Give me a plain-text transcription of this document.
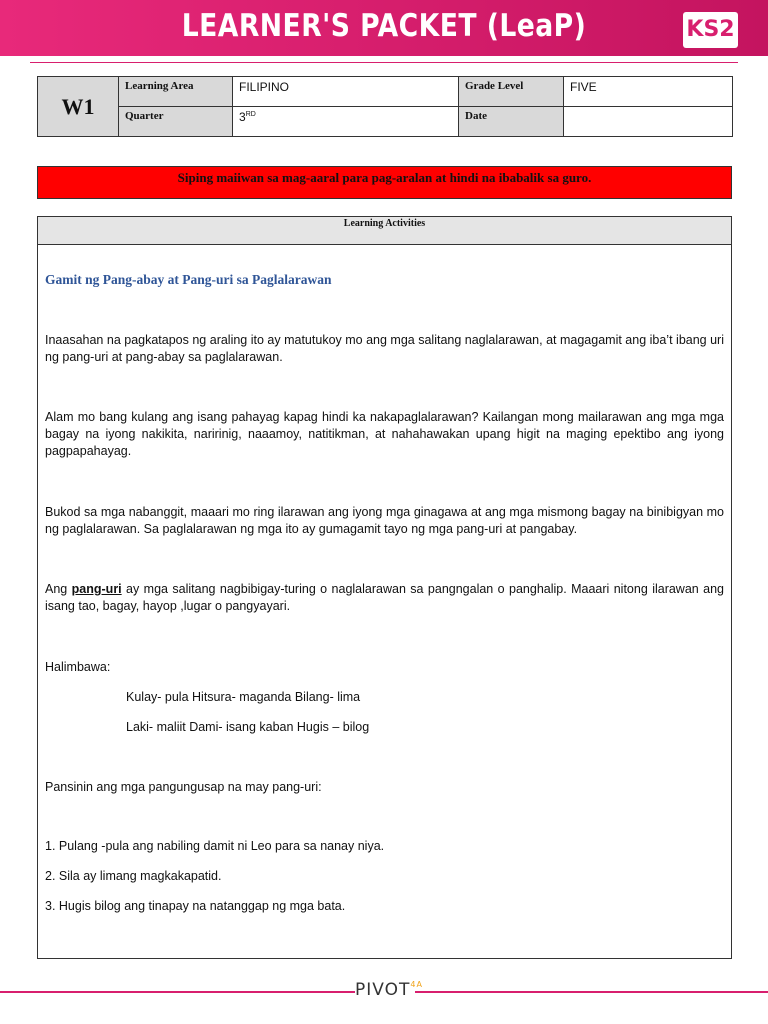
LEARNER'S PACKET (LeaP)	KS2
W1	Learning Area	FILIPINO	Grade Level	FIVE
	Quarter	3RD	Date	
Siping maiiwan sa mag-aaral para pag-aralan at hindi na ibabalik sa guro.
Learning Activities
Gamit ng Pang-abay at Pang-uri sa Paglalarawan
Inaasahan na pagkatapos ng araling ito ay matutukoy mo ang mga salitang naglalarawan, at magagamit ang iba’t ibang uri ng pang-uri at pang-abay sa paglalarawan.
Alam mo bang kulang ang isang pahayag kapag hindi ka nakapaglalarawan? Kailangan mong mailarawan ang mga mga bagay na iyong nakikita, naririnig, naaamoy, natitikman, at nahahawakan upang higit na maging epektibo ang iyong pagpapahayag.
Bukod sa mga nabanggit, maaari mo ring ilarawan ang iyong mga ginagawa at ang mga mismong bagay na binibigyan mo ng paglalarawan. Sa paglalarawan ng mga ito ay gumagamit tayo ng mga pang-uri at pangabay.
Ang pang-uri ay mga salitang nagbibigay-turing o naglalarawan sa pangngalan o panghalip. Maaari nitong ilarawan ang isang tao, bagay, hayop ,lugar o pangyayari.
Halimbawa:
Kulay- pula Hitsura- maganda Bilang- lima
Laki- maliit Dami- isang kaban Hugis – bilog
Pansinin ang mga pangungusap na may pang-uri:
1. Pulang -pula ang nabiling damit ni Leo para sa nanay niya.
2. Sila ay limang magkakapatid.
3. Hugis bilog ang tinapay na natanggap ng mga bata.
$PIVOT^{4A}$
